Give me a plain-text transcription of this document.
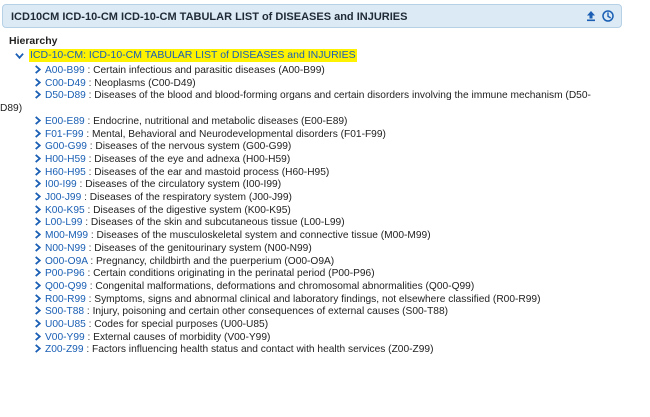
ICD10CM ICD-10-CM ICD-10-CM TABULAR LIST of DISEASES and INJURIES
Hierarchy
ICD-10-CM: ICD-10-CM TABULAR LIST of DISEASES and INJURIES
A00-B99 : Certain infectious and parasitic diseases (A00-B99)
C00-D49 : Neoplasms (C00-D49)
D50-D89 : Diseases of the blood and blood-forming organs and certain disorders involving the immune mechanism (D50-
D89)
E00-E89 : Endocrine, nutritional and metabolic diseases (E00-E89)
F01-F99 : Mental, Behavioral and Neurodevelopmental disorders (F01-F99)
G00-G99 : Diseases of the nervous system (G00-G99)
H00-H59 : Diseases of the eye and adnexa (H00-H59)
H60-H95 : Diseases of the ear and mastoid process (H60-H95)
I00-I99 : Diseases of the circulatory system (I00-I99)
J00-J99 : Diseases of the respiratory system (J00-J99)
K00-K95 : Diseases of the digestive system (K00-K95)
L00-L99 : Diseases of the skin and subcutaneous tissue (L00-L99)
M00-M99 : Diseases of the musculoskeletal system and connective tissue (M00-M99)
N00-N99 : Diseases of the genitourinary system (N00-N99)
O00-O9A : Pregnancy, childbirth and the puerperium (O00-O9A)
P00-P96 : Certain conditions originating in the perinatal period (P00-P96)
Q00-Q99 : Congenital malformations, deformations and chromosomal abnormalities (Q00-Q99)
R00-R99 : Symptoms, signs and abnormal clinical and laboratory findings, not elsewhere classified (R00-R99)
S00-T88 : Injury, poisoning and certain other consequences of external causes (S00-T88)
U00-U85 : Codes for special purposes (U00-U85)
V00-Y99 : External causes of morbidity (V00-Y99)
Z00-Z99 : Factors influencing health status and contact with health services (Z00-Z99)
